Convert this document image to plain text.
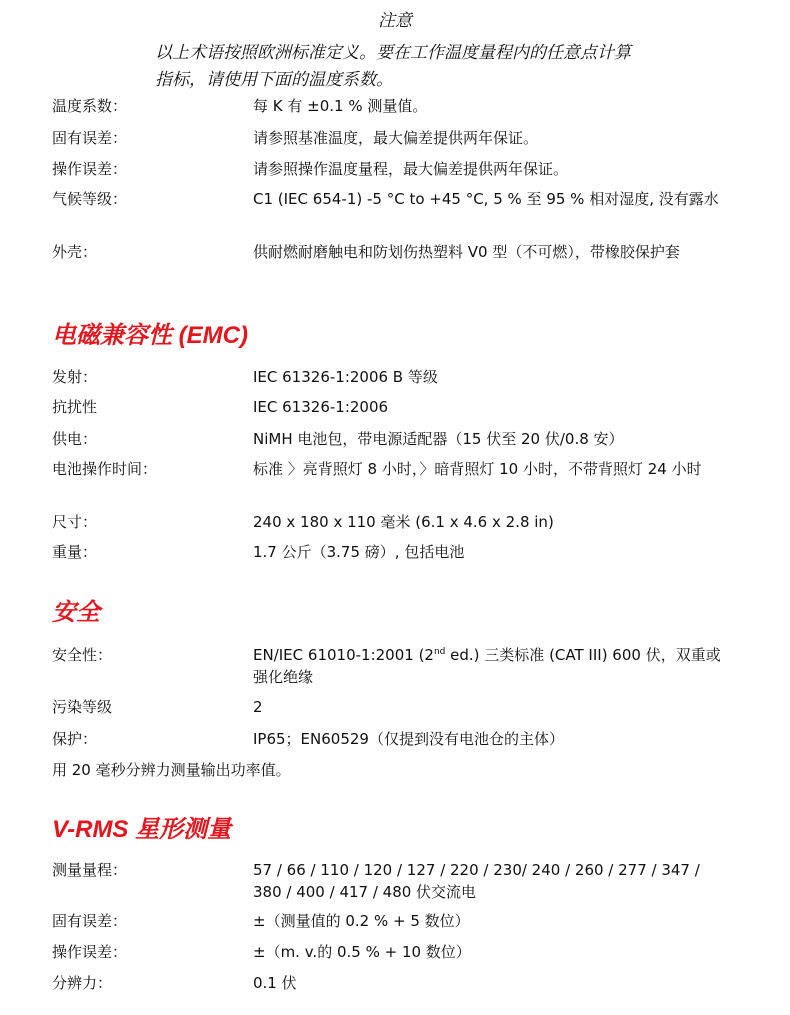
注意
以上术语按照欧洲标准定义。要在工作温度量程内的任意点计算指标，请使用下面的温度系数。
温度系数：	每 K 有 ±0.1 % 测量值。
固有误差：	请参照基准温度，最大偏差提供两年保证。
操作误差：	请参照操作温度量程，最大偏差提供两年保证。
气候等级：	C1 (IEC 654-1) -5 °C to +45 °C, 5 % 至 95 % 相对湿度, 没有露水
外壳：	供耐燃耐磨触电和防划伤热塑料 V0 型（不可燃），带橡胶保护套
电磁兼容性 (EMC)
发射：	IEC 61326-1:2006 B 等级
抗扰性	IEC 61326-1:2006
供电：	NiMH 电池包，带电源适配器（15 伏至 20 伏/0.8 安）
电池操作时间：	标准 〉亮背照灯 8 小时，〉暗背照灯 10 小时，不带背照灯 24 小时
尺寸：	240 x 180 x 110 毫米 (6.1 x 4.6 x 2.8 in)
重量：	1.7 公斤（3.75 磅）, 包括电池
安全
安全性：	EN/IEC 61010-1:2001 (2nd ed.) 三类标准 (CAT III) 600 伏，双重或强化绝缘
污染等级	2
保护：	IP65；EN60529（仅提到没有电池仓的主体）
用 20 毫秒分辨力测量输出功率值。
V-RMS 星形测量
测量量程：	57 / 66 / 110 / 120 / 127 / 220 / 230/ 240 / 260 / 277 / 347 / 380 / 400 / 417 / 480 伏交流电
固有误差：	±（测量值的 0.2 % + 5 数位）
操作误差：	±（m. v.的 0.5 % + 10 数位）
分辨力：	0.1 伏
